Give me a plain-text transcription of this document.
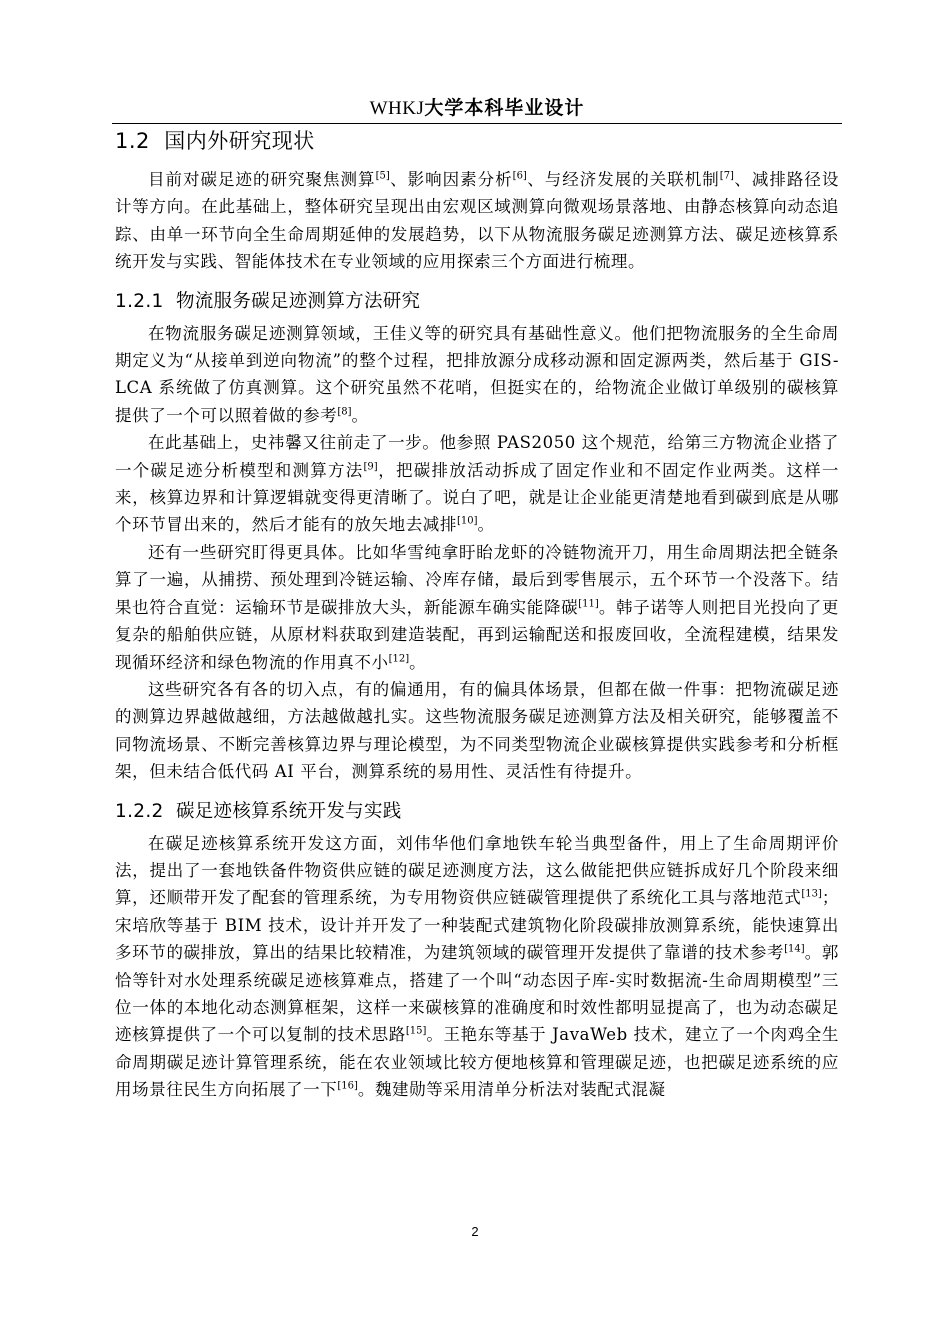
WHKJ大学本科毕业设计
1.2 国内外研究现状

目前对碳足迹的研究聚焦测算[5]、影响因素分析[6]、与经济发展的关联机制[7]、减排路径设计等方向。在此基础上，整体研究呈现出由宏观区域测算向微观场景落地、由静态核算向动态追踪、由单一环节向全生命周期延伸的发展趋势，以下从物流服务碳足迹测算方法、碳足迹核算系统开发与实践、智能体技术在专业领域的应用探索三个方面进行梳理。

1.2.1 物流服务碳足迹测算方法研究

在物流服务碳足迹测算领域，王佳义等的研究具有基础性意义。他们把物流服务的全生命周期定义为“从接单到逆向物流”的整个过程，把排放源分成移动源和固定源两类，然后基于 GIS-LCA 系统做了仿真测算。这个研究虽然不花哨，但挺实在的，给物流企业做订单级别的碳核算提供了一个可以照着做的参考[8]。

在此基础上，史祎馨又往前走了一步。他参照 PAS2050 这个规范，给第三方物流企业搭了一个碳足迹分析模型和测算方法[9]，把碳排放活动拆成了固定作业和不固定作业两类。这样一来，核算边界和计算逻辑就变得更清晰了。说白了吧，就是让企业能更清楚地看到碳到底是从哪个环节冒出来的，然后才能有的放矢地去减排[10]。

还有一些研究盯得更具体。比如华雪纯拿盱眙龙虾的冷链物流开刀，用生命周期法把全链条算了一遍，从捕捞、预处理到冷链运输、冷库存储，最后到零售展示，五个环节一个没落下。结果也符合直觉：运输环节是碳排放大头，新能源车确实能降碳[11]。韩子诺等人则把目光投向了更复杂的船舶供应链，从原材料获取到建造装配，再到运输配送和报废回收，全流程建模，结果发现循环经济和绿色物流的作用真不小[12]。

这些研究各有各的切入点，有的偏通用，有的偏具体场景，但都在做一件事：把物流碳足迹的测算边界越做越细，方法越做越扎实。这些物流服务碳足迹测算方法及相关研究，能够覆盖不同物流场景、不断完善核算边界与理论模型，为不同类型物流企业碳核算提供实践参考和分析框架，但未结合低代码 AI 平台，测算系统的易用性、灵活性有待提升。

1.2.2 碳足迹核算系统开发与实践

在碳足迹核算系统开发这方面，刘伟华他们拿地铁车轮当典型备件，用上了生命周期评价法，提出了一套地铁备件物资供应链的碳足迹测度方法，这么做能把供应链拆成好几个阶段来细算，还顺带开发了配套的管理系统，为专用物资供应链碳管理提供了系统化工具与落地范式[13]；宋培欣等基于 BIM 技术，设计并开发了一种装配式建筑物化阶段碳排放测算系统，能快速算出多环节的碳排放，算出的结果比较精准，为建筑领域的碳管理开发提供了靠谱的技术参考[14]。郭恰等针对水处理系统碳足迹核算难点，搭建了一个叫“动态因子库-实时数据流-生命周期模型”三位一体的本地化动态测算框架，这样一来碳核算的准确度和时效性都明显提高了，也为动态碳足迹核算提供了一个可以复制的技术思路[15]。王艳东等基于 JavaWeb 技术，建立了一个肉鸡全生命周期碳足迹计算管理系统，能在农业领域比较方便地核算和管理碳足迹，也把碳足迹系统的应用场景往民生方向拓展了一下[16]。魏建勋等采用清单分析法对装配式混凝

2
